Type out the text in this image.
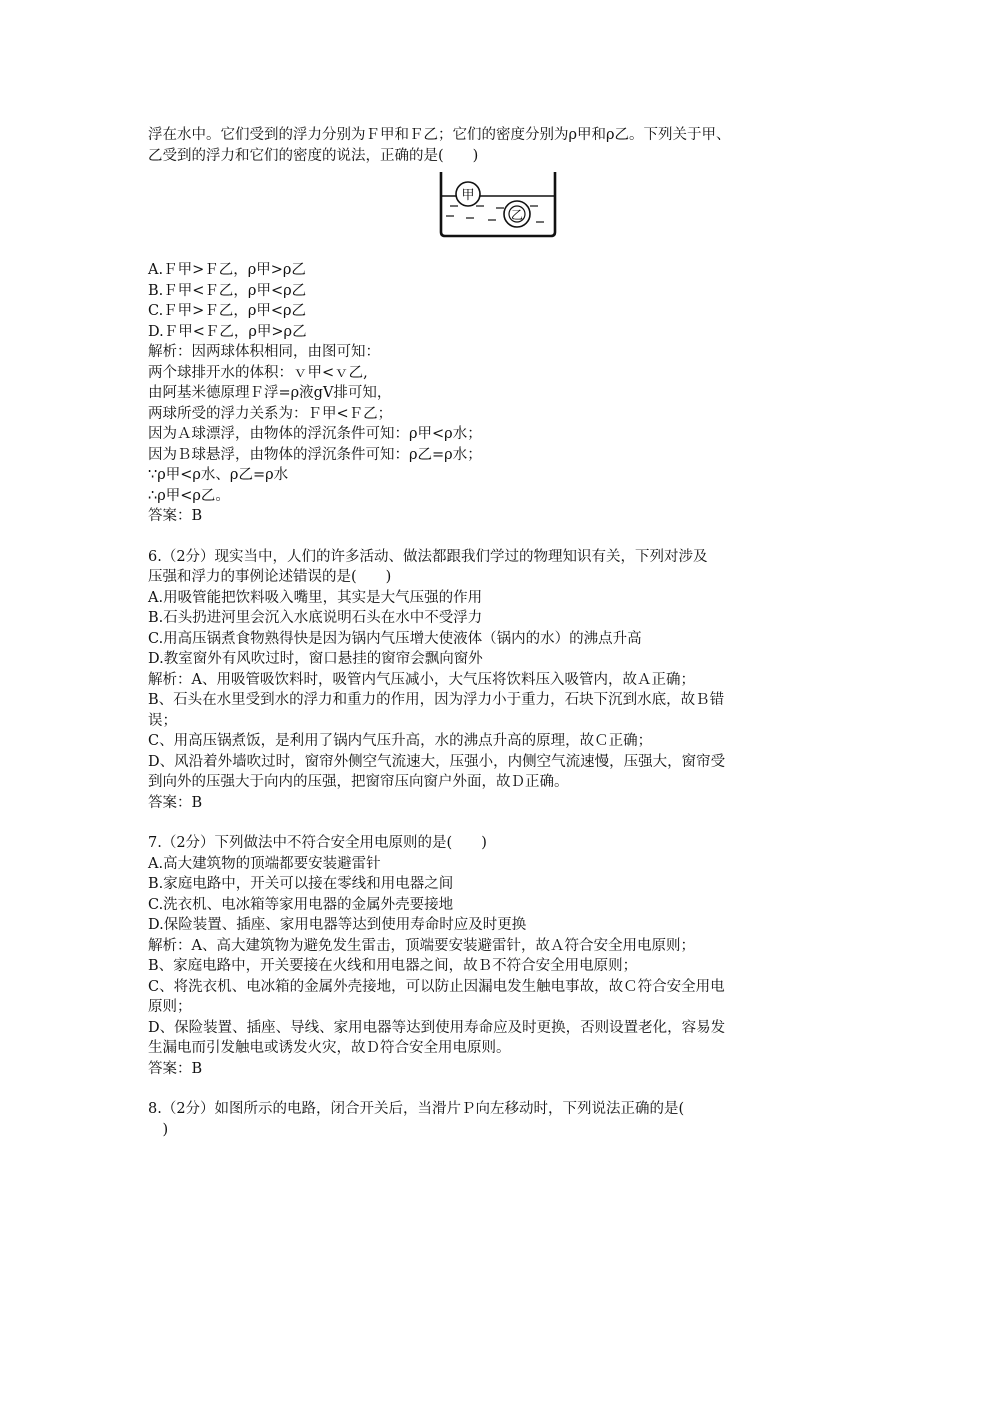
浮在水中。它们受到的浮力分别为Ｆ甲和Ｆ乙；它们的密度分别为ρ甲和ρ乙。下列关于甲、
乙受到的浮力和它们的密度的说法，正确的是(　　)
甲
乙
A.Ｆ甲>Ｆ乙，ρ甲>ρ乙
B.Ｆ甲<Ｆ乙，ρ甲<ρ乙
C.Ｆ甲>Ｆ乙，ρ甲<ρ乙
D.Ｆ甲<Ｆ乙，ρ甲>ρ乙
解析：因两球体积相同，由图可知：
两个球排开水的体积：ｖ甲<ｖ乙,
由阿基米德原理Ｆ浮=ρ液gV排可知，
两球所受的浮力关系为：Ｆ甲<Ｆ乙；
因为Ａ球漂浮，由物体的浮沉条件可知：ρ甲<ρ水；
因为Ｂ球悬浮，由物体的浮沉条件可知：ρ乙=ρ水；
∵ρ甲<ρ水、ρ乙=ρ水
∴ρ甲<ρ乙。
答案：B
6.（2分）现实当中，人们的许多活动、做法都跟我们学过的物理知识有关，下列对涉及
压强和浮力的事例论述错误的是(　　)
A.用吸管能把饮料吸入嘴里，其实是大气压强的作用
B.石头扔进河里会沉入水底说明石头在水中不受浮力
C.用高压锅煮食物熟得快是因为锅内气压增大使液体（锅内的水）的沸点升高
D.教室窗外有风吹过时，窗口悬挂的窗帘会飘向窗外
解析：A、用吸管吸饮料时，吸管内气压减小，大气压将饮料压入吸管内，故Ａ正确；
B、石头在水里受到水的浮力和重力的作用，因为浮力小于重力，石块下沉到水底，故Ｂ错
误；
C、用高压锅煮饭，是利用了锅内气压升高，水的沸点升高的原理，故Ｃ正确；
D、风沿着外墙吹过时，窗帘外侧空气流速大，压强小，内侧空气流速慢，压强大，窗帘受
到向外的压强大于向内的压强，把窗帘压向窗户外面，故Ｄ正确。
答案：B
7.（2分）下列做法中不符合安全用电原则的是(　　)
A.高大建筑物的顶端都要安装避雷针
B.家庭电路中，开关可以接在零线和用电器之间
C.洗衣机、电冰箱等家用电器的金属外壳要接地
D.保险装置、插座、家用电器等达到使用寿命时应及时更换
解析：A、高大建筑物为避免发生雷击，顶端要安装避雷针，故Ａ符合安全用电原则；
B、家庭电路中，开关要接在火线和用电器之间，故Ｂ不符合安全用电原则；
C、将洗衣机、电冰箱的金属外壳接地，可以防止因漏电发生触电事故，故Ｃ符合安全用电
原则；
D、保险装置、插座、导线、家用电器等达到使用寿命应及时更换，否则设置老化，容易发
生漏电而引发触电或诱发火灾，故Ｄ符合安全用电原则。
答案：B
8.（2分）如图所示的电路，闭合开关后，当滑片Ｐ向左移动时，下列说法正确的是(
　)
